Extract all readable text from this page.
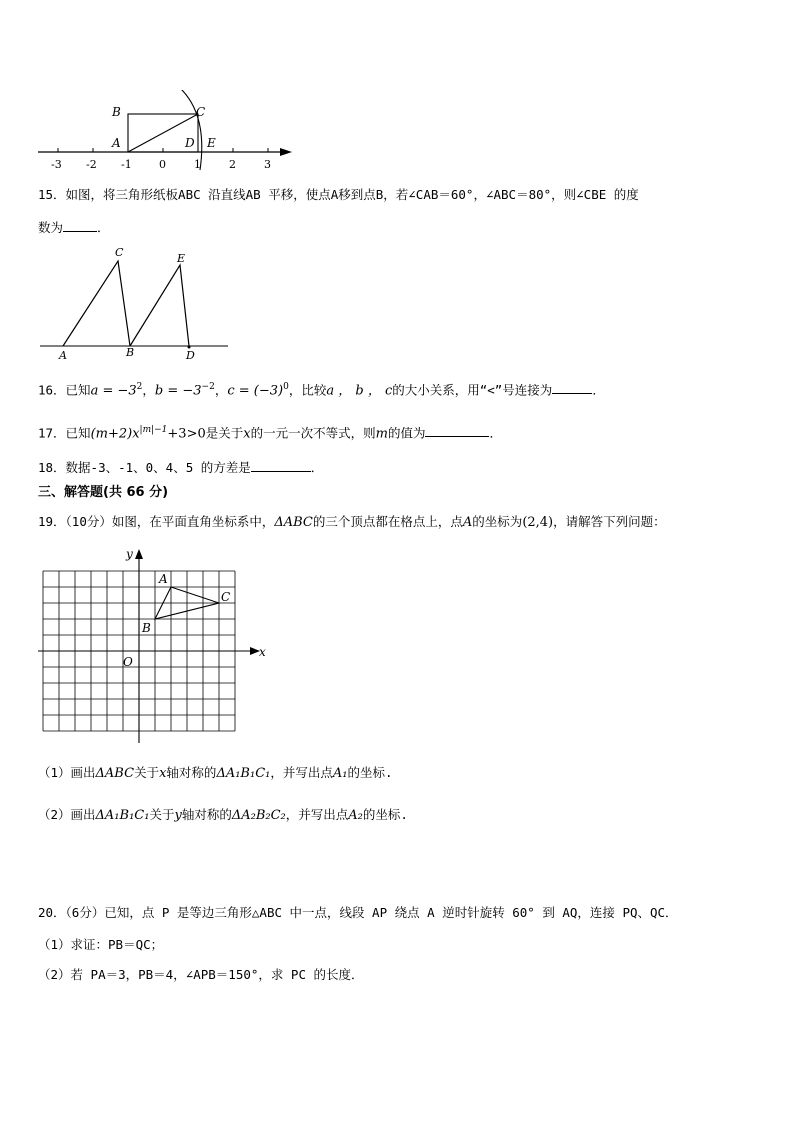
B	C
A	D E
-3 -2 -1 0	1	2	3
15．如图，将三角形纸板ABC 沿直线AB 平移，使点A移到点B，若∠CAB＝60°，∠ABC＝80°，则∠CBE 的度
数为	．
C	E
A	B	D
16．已知$a = -3^2$，$b = -3^{-2}$，$c = (-3)^0$，比较a ， b ， c的大小关系，用“<”号连接为	．
17．已知$(m+2)x^{|m|-1}+3>0$是关于x的一元一次不等式，则m的值为	．
18．数据-3、-1、0、4、5 的方差是	．
三、解答题(共 66 分)
19．（10分）如图，在平面直角坐标系中，ΔABC的三个顶点都在格点上，点A的坐标为(2,4)，请解答下列问题：
y
x
O
A
B
C
（1）画出ΔABC关于x轴对称的ΔA₁B₁C₁，并写出点A₁的坐标.
（2）画出ΔA₁B₁C₁关于y轴对称的ΔA₂B₂C₂，并写出点A₂的坐标.
20．（6分）已知，点 P 是等边三角形△ABC 中一点，线段 AP 绕点 A 逆时针旋转 60° 到 AQ，连接 PQ、QC．
（1）求证：PB＝QC；
（2）若 PA＝3，PB＝4，∠APB＝150°，求 PC 的长度．
